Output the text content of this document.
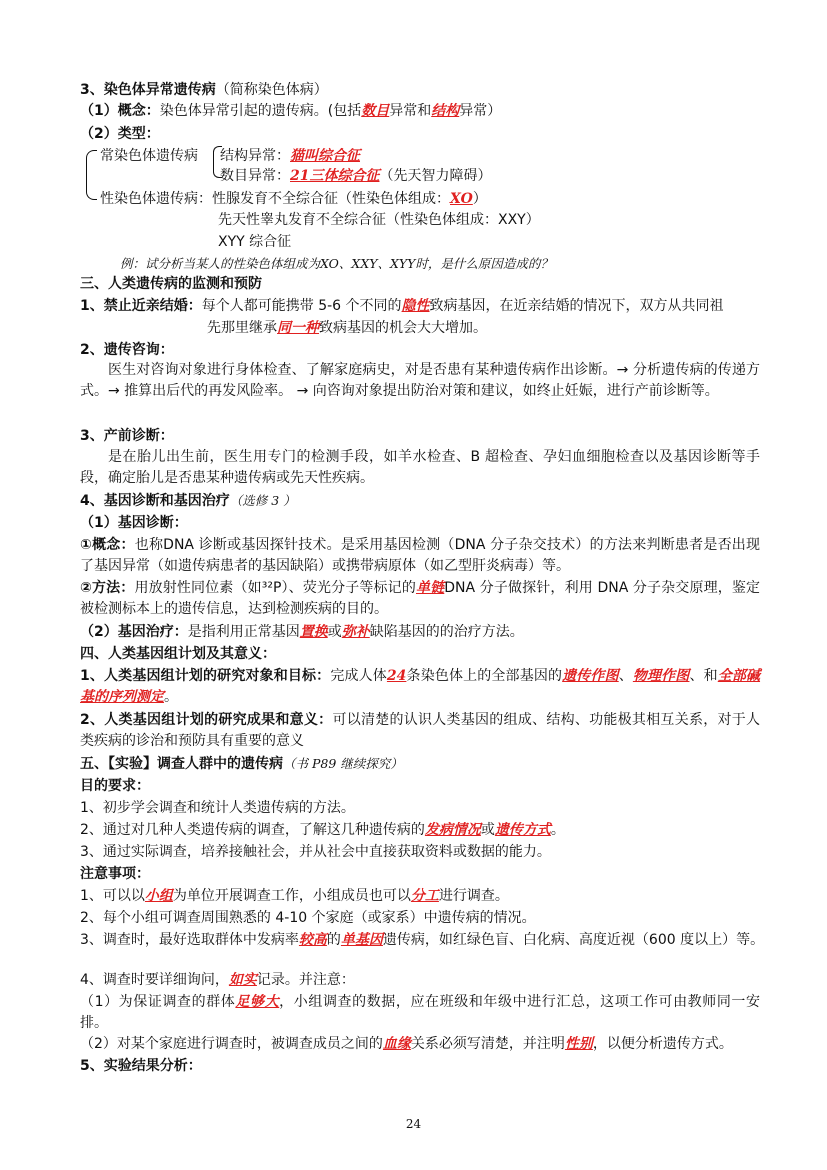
3、染色体异常遗传病（简称染色体病）
（1）概念：染色体异常引起的遗传病。(包括数目异常和结构异常）
（2）类型：
常染色体遗传病 结构异常：猫叫综合征
数目异常：21三体综合征（先天智力障碍）
性染色体遗传病：性腺发育不全综合征（性染色体组成：XO）
先天性睾丸发育不全综合征（性染色体组成：XXY）
XYY 综合征
例：试分析当某人的性染色体组成为XO、XXY、XYY时，是什么原因造成的？
三、人类遗传病的监测和预防
1、禁止近亲结婚：每个人都可能携带 5-6 个不同的隐性致病基因，在近亲结婚的情况下，双方从共同祖
先那里继承同一种致病基因的机会大大增加。
2、遗传咨询：
医生对咨询对象进行身体检查、了解家庭病史，对是否患有某种遗传病作出诊断。→ 分析遗传病的传递方式。→ 推算出后代的再发风险率。 → 向咨询对象提出防治对策和建议，如终止妊娠，进行产前诊断等。
3、产前诊断：
是在胎儿出生前，医生用专门的检测手段，如羊水检查、B 超检查、孕妇血细胞检查以及基因诊断等手段，确定胎儿是否患某种遗传病或先天性疾病。
4、基因诊断和基因治疗（选修 3 ）
（1）基因诊断：
①概念：也称DNA 诊断或基因探针技术。是采用基因检测（DNA 分子杂交技术）的方法来判断患者是否出现了基因异常（如遗传病患者的基因缺陷）或携带病原体（如乙型肝炎病毒）等。
②方法：用放射性同位素（如³²P）、荧光分子等标记的单链DNA 分子做探针，利用 DNA 分子杂交原理，鉴定被检测标本上的遗传信息，达到检测疾病的目的。
（2）基因治疗：是指利用正常基因置换或弥补缺陷基因的的治疗方法。
四、人类基因组计划及其意义：
1、人类基因组计划的研究对象和目标：完成人体24条染色体上的全部基因的遗传作图、物理作图、和全部碱基的序列测定。
2、人类基因组计划的研究成果和意义：可以清楚的认识人类基因的组成、结构、功能极其相互关系，对于人类疾病的诊治和预防具有重要的意义
五、【实验】调查人群中的遗传病（书 P89 继续探究）
目的要求：
1、初步学会调查和统计人类遗传病的方法。
2、通过对几种人类遗传病的调查，了解这几种遗传病的发病情况或遗传方式。
3、通过实际调查，培养接触社会，并从社会中直接获取资料或数据的能力。
注意事项：
1、可以以小组为单位开展调查工作，小组成员也可以分工进行调查。
2、每个小组可调查周围熟悉的 4-10 个家庭（或家系）中遗传病的情况。
3、调查时，最好选取群体中发病率较高的单基因遗传病，如红绿色盲、白化病、高度近视（600 度以上）等。
4、调查时要详细询问，如实记录。并注意：
（1）为保证调查的群体足够大，小组调查的数据，应在班级和年级中进行汇总，这项工作可由教师同一安排。
（2）对某个家庭进行调查时，被调查成员之间的血缘关系必须写清楚，并注明性别，以便分析遗传方式。
5、实验结果分析：
24
